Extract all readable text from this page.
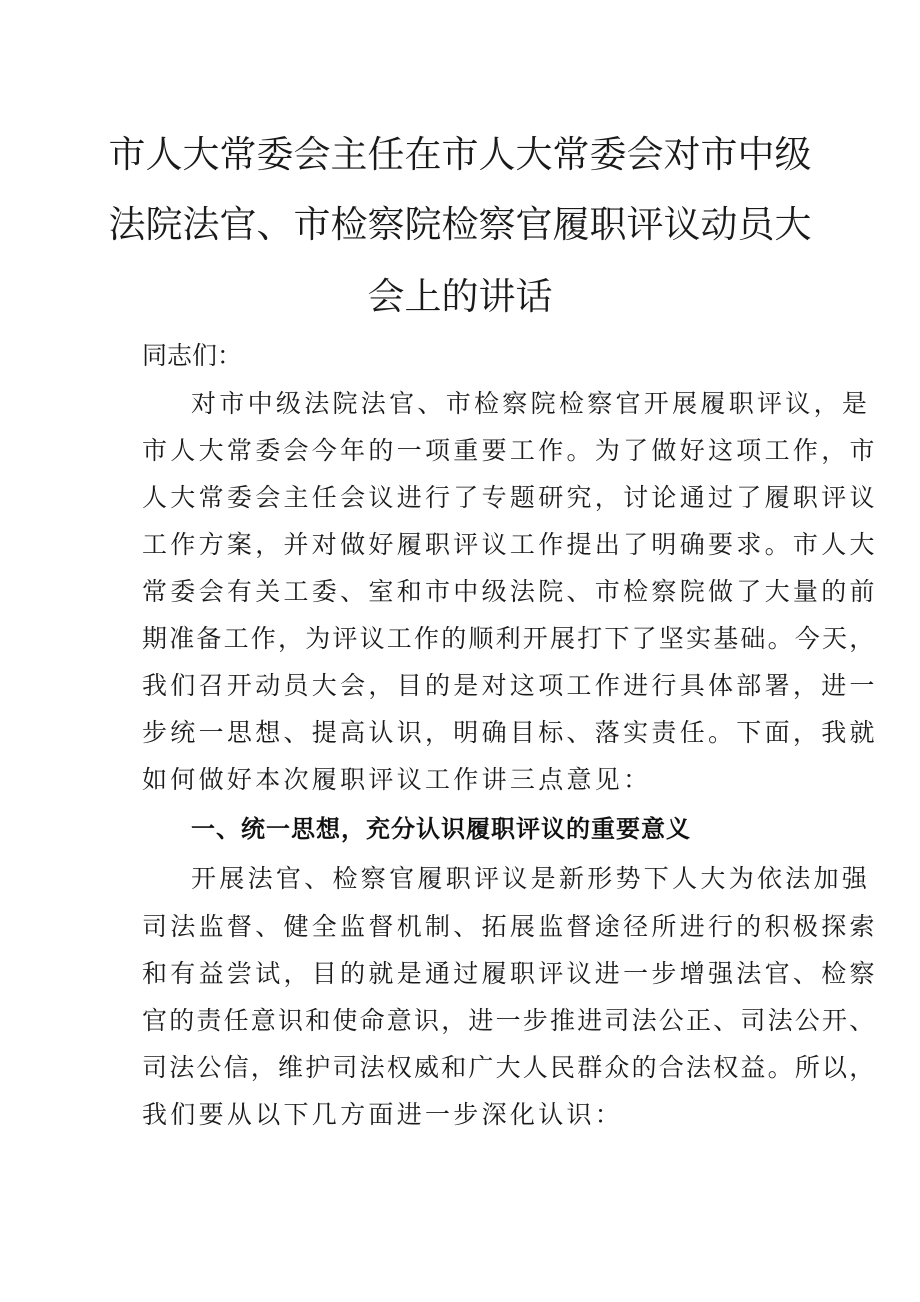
市人大常委会主任在市人大常委会对市中级
法院法官、市检察院检察官履职评议动员大
会上的讲话
同志们：
对市中级法院法官、市检察院检察官开展履职评议，是
市人大常委会今年的一项重要工作。为了做好这项工作，市
人大常委会主任会议进行了专题研究，讨论通过了履职评议
工作方案，并对做好履职评议工作提出了明确要求。市人大
常委会有关工委、室和市中级法院、市检察院做了大量的前
期准备工作，为评议工作的顺利开展打下了坚实基础。今天，
我们召开动员大会，目的是对这项工作进行具体部署，进一
步统一思想、提高认识，明确目标、落实责任。下面，我就
如何做好本次履职评议工作讲三点意见：
一、统一思想，充分认识履职评议的重要意义
开展法官、检察官履职评议是新形势下人大为依法加强
司法监督、健全监督机制、拓展监督途径所进行的积极探索
和有益尝试，目的就是通过履职评议进一步增强法官、检察
官的责任意识和使命意识，进一步推进司法公正、司法公开、
司法公信，维护司法权威和广大人民群众的合法权益。所以，
我们要从以下几方面进一步深化认识：
